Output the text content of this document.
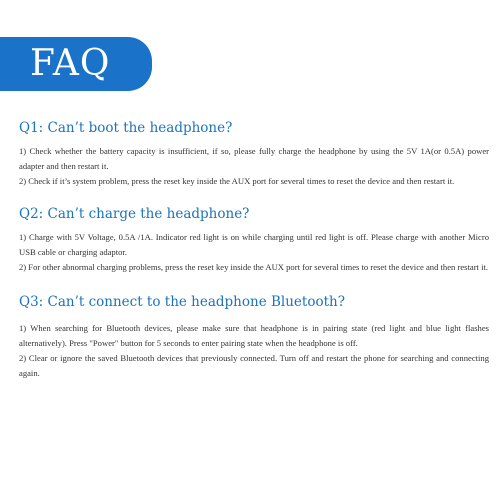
FAQ
Q1: Can’t boot the headphone?

1) Check whether the battery capacity is insufficient, if so, please fully charge the headphone by using the 5V 1A(or 0.5A) power adapter and then restart it.

2) Check if it’s system problem, press the reset key inside the AUX port for several times to reset the device and then restart it.

Q2: Can’t charge the headphone?

1) Charge with 5V Voltage, 0.5A /1A. Indicator red light is on while charging until red light is off. Please charge with another Micro USB cable or charging adaptor.

2) For other abnormal charging problems, press the reset key inside the AUX port for several times to reset the device and then restart it.

Q3: Can’t connect to the headphone Bluetooth?

1) When searching for Bluetooth devices, please make sure that headphone is in pairing state (red light and blue light flashes alternatively). Press "Power" button for 5 seconds to enter pairing state when the headphone is off.

2) Clear or ignore the saved Bluetooth devices that previously connected. Turn off and restart the phone for searching and connecting again.
